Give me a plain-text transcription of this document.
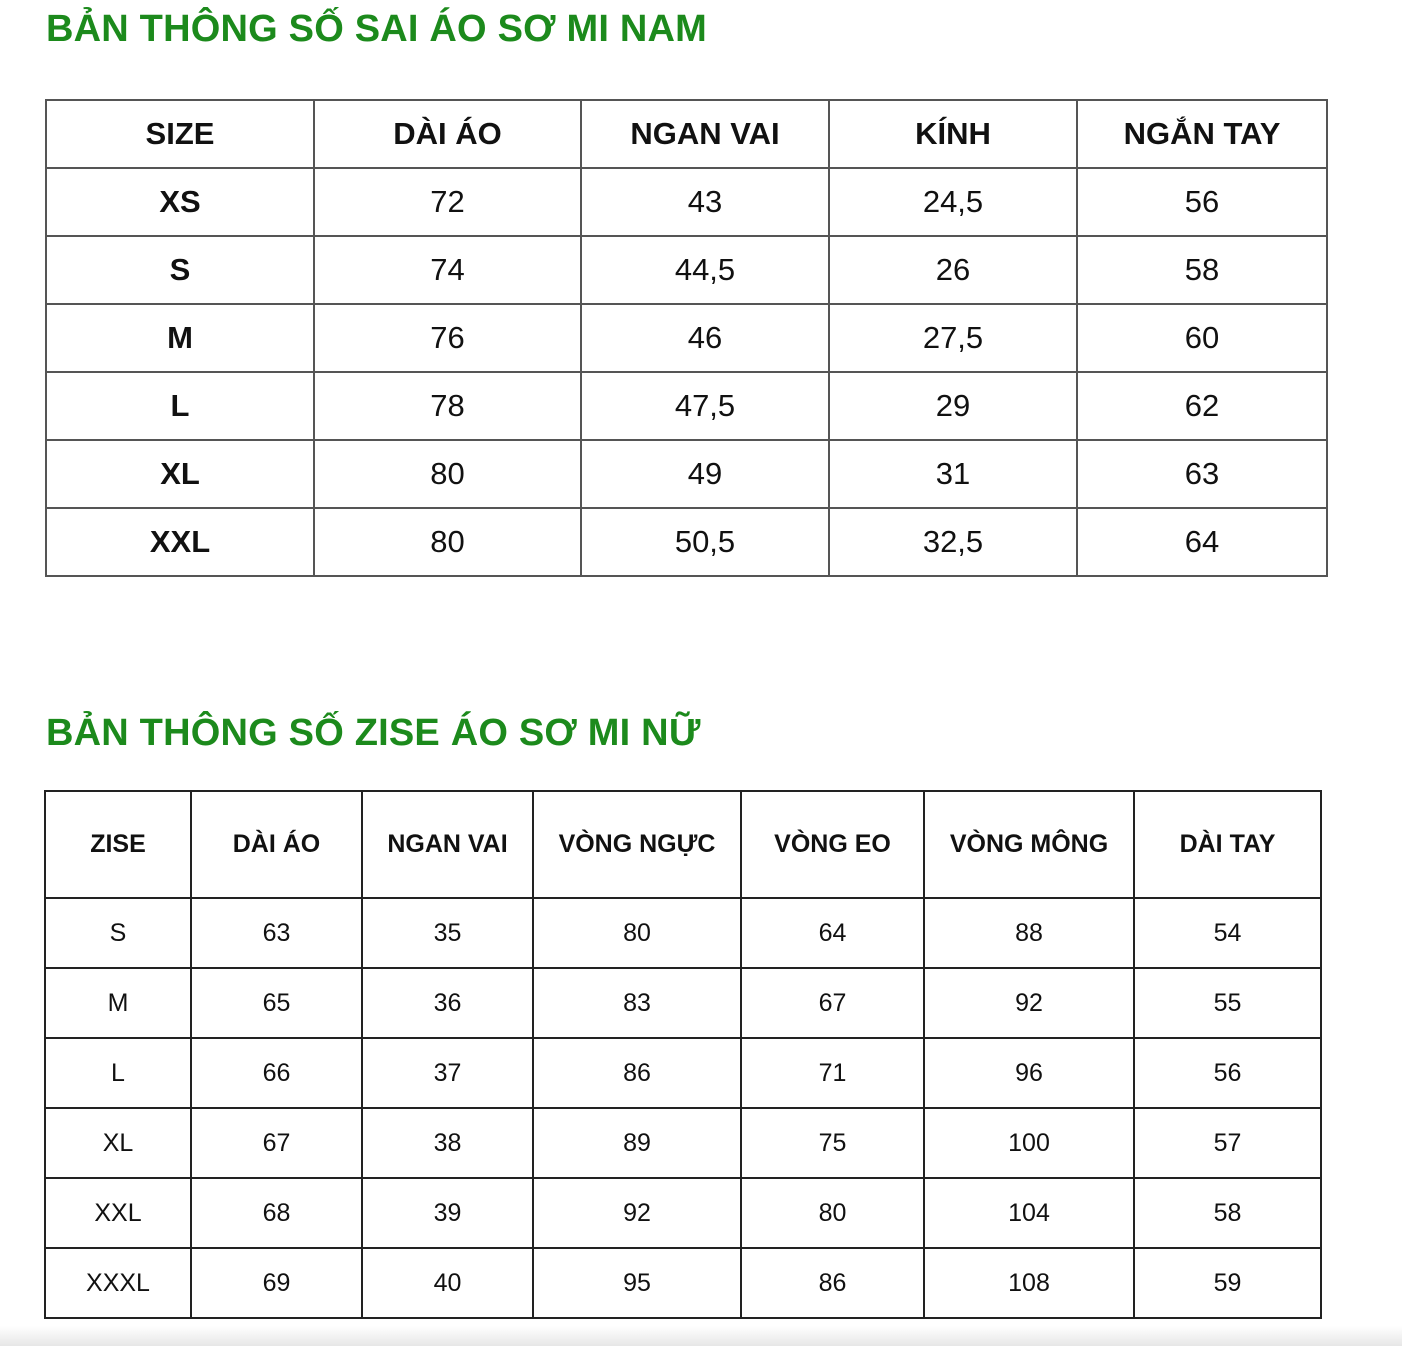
BẢN THÔNG SỐ SAI ÁO SƠ MI NAM
SIZE	DÀI ÁO	NGAN VAI	KÍNH	NGẮN TAY
XS	72	43	24,5	56
S	74	44,5	26	58
M	76	46	27,5	60
L	78	47,5	29	62
XL	80	49	31	63
XXL	80	50,5	32,5	64
BẢN THÔNG SỐ ZISE ÁO SƠ MI NỮ
ZISE	DÀI ÁO	NGAN VAI	VÒNG NGỰC	VÒNG EO	VÒNG MÔNG	DÀI TAY
S	63	35	80	64	88	54
M	65	36	83	67	92	55
L	66	37	86	71	96	56
XL	67	38	89	75	100	57
XXL	68	39	92	80	104	58
XXXL	69	40	95	86	108	59
